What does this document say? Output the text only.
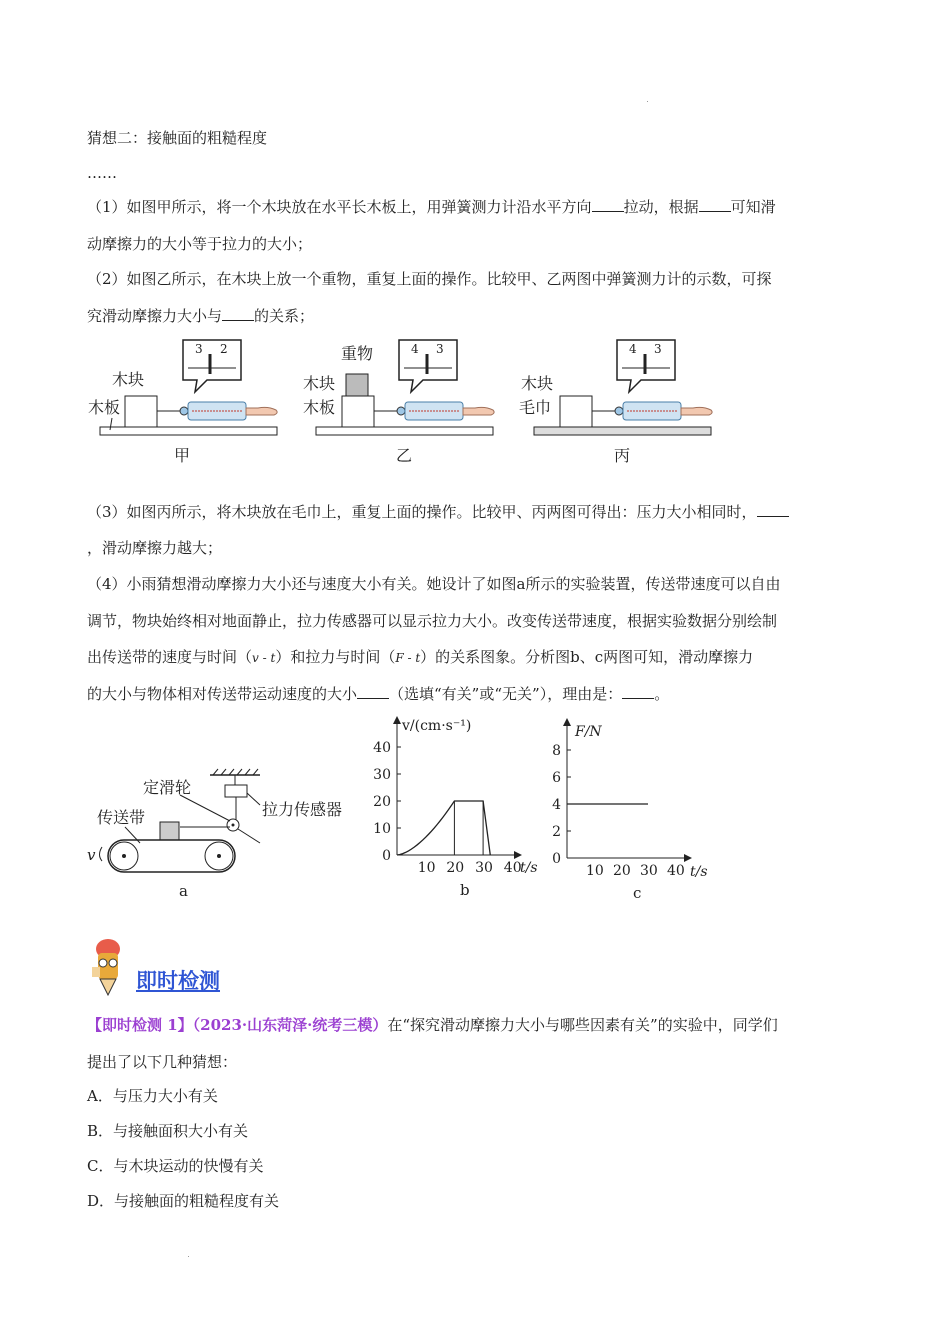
猜想二：接触面的粗糙程度
……
（1）如图甲所示，将一个木块放在水平长木板上，用弹簧测力计沿水平方向 拉动，根据 可知滑
动摩擦力的大小等于拉力的大小；
（2）如图乙所示，在木块上放一个重物，重复上面的操作。比较甲、乙两图中弹簧测力计的示数，可探
究滑动摩擦力大小与 的关系；
木块
木板
3 2
甲
重物
木块
木板
4 3
乙
木块
毛巾
4 3
丙
（3）如图丙所示，将木块放在毛巾上，重复上面的操作。比较甲、丙两图可得出：压力大小相同时，
，滑动摩擦力越大；
（4）小雨猜想滑动摩擦力大小还与速度大小有关。她设计了如图a所示的实验装置，传送带速度可以自由
调节，物块始终相对地面静止，拉力传感器可以显示拉力大小。改变传送带速度，根据实验数据分别绘制
出传送带的速度与时间（v - t）和拉力与时间（F - t）的关系图象。分析图b、c两图可知，滑动摩擦力
的大小与物体相对传送带运动速度的大小 （选填“有关”或“无关”），理由是： 。
定滑轮
传送带	拉力传感器
v
a
v/(cm·s⁻¹)
t/s
b
10 20 30 40
0
10
20
30
40
F/N
t/s
c
10 20 30 40
0
2
4
6
8
即时检测
【即时检测 1】（2023·山东菏泽·统考三模）在“探究滑动摩擦力大小与哪些因素有关”的实验中，同学们
提出了以下几种猜想：
A．与压力大小有关
B．与接触面积大小有关
C．与木块运动的快慢有关
D．与接触面的粗糙程度有关
